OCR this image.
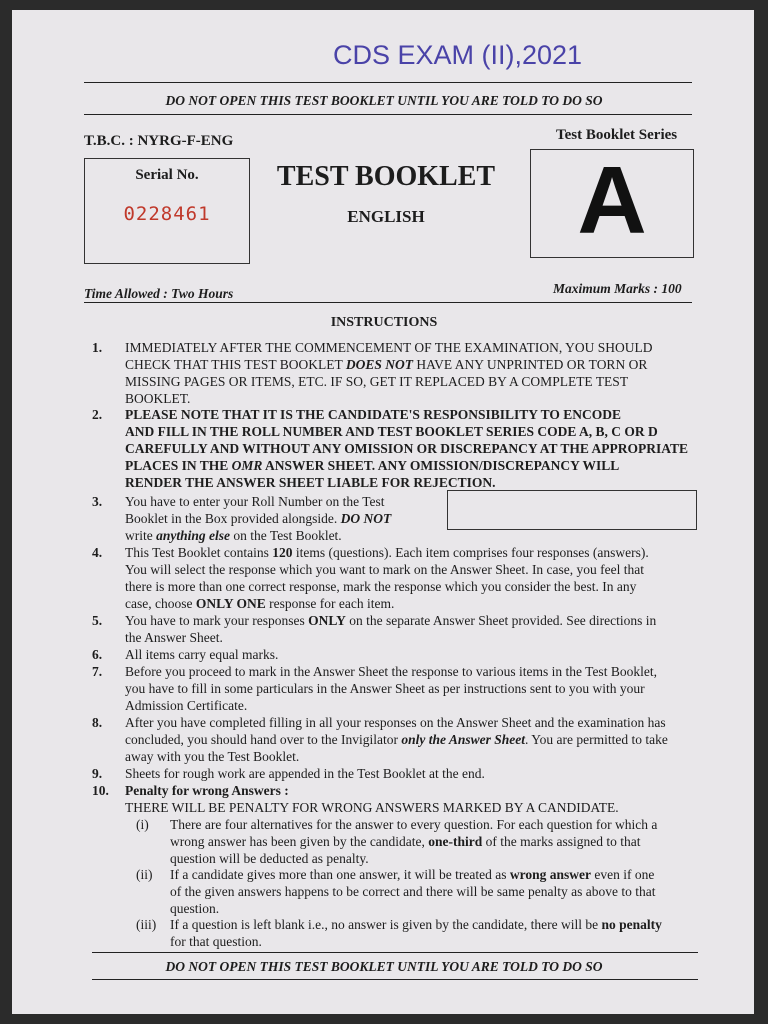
CDS EXAM (II),2021
DO NOT OPEN THIS TEST BOOKLET UNTIL YOU ARE TOLD TO DO SO
T.B.C. : NYRG-F-ENG
Serial No.
0228461
TEST BOOKLET
ENGLISH
Test Booklet Series
A
Maximum Marks : 100
Time Allowed : Two Hours
INSTRUCTIONS
1.	IMMEDIATELY AFTER THE COMMENCEMENT OF THE EXAMINATION, YOU SHOULD
CHECK THAT THIS TEST BOOKLET DOES NOT HAVE ANY UNPRINTED OR TORN OR
MISSING PAGES OR ITEMS, ETC. IF SO, GET IT REPLACED BY A COMPLETE TEST
BOOKLET.
2.	PLEASE NOTE THAT IT IS THE CANDIDATE'S RESPONSIBILITY TO ENCODE
AND FILL IN THE ROLL NUMBER AND TEST BOOKLET SERIES CODE A, B, C OR D
CAREFULLY AND WITHOUT ANY OMISSION OR DISCREPANCY AT THE APPROPRIATE
PLACES IN THE OMR ANSWER SHEET. ANY OMISSION/DISCREPANCY WILL
RENDER THE ANSWER SHEET LIABLE FOR REJECTION.
3.	You have to enter your Roll Number on the Test
Booklet in the Box provided alongside. DO NOT
write anything else on the Test Booklet.
4.	This Test Booklet contains 120 items (questions). Each item comprises four responses (answers).
You will select the response which you want to mark on the Answer Sheet. In case, you feel that
there is more than one correct response, mark the response which you consider the best. In any
case, choose ONLY ONE response for each item.
5.	You have to mark your responses ONLY on the separate Answer Sheet provided. See directions in
the Answer Sheet.
6.	All items carry equal marks.
7.	Before you proceed to mark in the Answer Sheet the response to various items in the Test Booklet,
you have to fill in some particulars in the Answer Sheet as per instructions sent to you with your
Admission Certificate.
8.	After you have completed filling in all your responses on the Answer Sheet and the examination has
concluded, you should hand over to the Invigilator only the Answer Sheet. You are permitted to take
away with you the Test Booklet.
9.	Sheets for rough work are appended in the Test Booklet at the end.
10.	Penalty for wrong Answers :
THERE WILL BE PENALTY FOR WRONG ANSWERS MARKED BY A CANDIDATE.
(i)	There are four alternatives for the answer to every question. For each question for which a
wrong answer has been given by the candidate, one-third of the marks assigned to that
question will be deducted as penalty.
(ii)	If a candidate gives more than one answer, it will be treated as wrong answer even if one
of the given answers happens to be correct and there will be same penalty as above to that
question.
(iii)	If a question is left blank i.e., no answer is given by the candidate, there will be no penalty
for that question.
DO NOT OPEN THIS TEST BOOKLET UNTIL YOU ARE TOLD TO DO SO
